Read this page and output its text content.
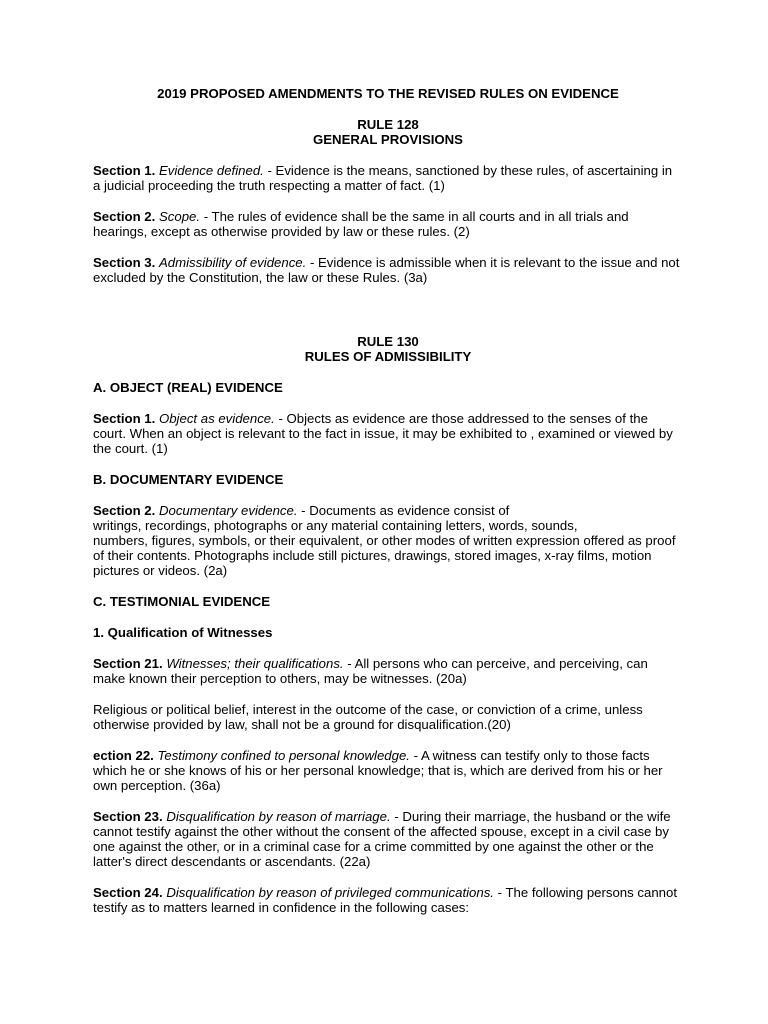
2019 PROPOSED AMENDMENTS TO THE REVISED RULES ON EVIDENCE
RULE 128
GENERAL PROVISIONS

Section 1. Evidence defined. - Evidence is the means, sanctioned by these rules, of ascertaining in a judicial proceeding the truth respecting a matter of fact. (1)

Section 2. Scope. - The rules of evidence shall be the same in all courts and in all trials and hearings, except as otherwise provided by law or these rules. (2)

Section 3. Admissibility of evidence. - Evidence is admissible when it is relevant to the issue and not excluded by the Constitution, the law or these Rules. (3a)

RULE 130
RULES OF ADMISSIBILITY
A. OBJECT (REAL) EVIDENCE

Section 1. Object as evidence. - Objects as evidence are those addressed to the senses of the court. When an object is relevant to the fact in issue, it may be exhibited to , examined or viewed by the court. (1)

B. DOCUMENTARY EVIDENCE

Section 2. Documentary evidence. - Documents as evidence consist of
writings, recordings, photographs or any material containing letters, words, sounds,
numbers, figures, symbols, or their equivalent, or other modes of written expression offered as proof of their contents. Photographs include still pictures, drawings, stored images, x-ray films, motion pictures or videos. (2a)

C. TESTIMONIAL EVIDENCE
1. Qualification of Witnesses

Section 21. Witnesses; their qualifications. - All persons who can perceive, and perceiving, can make known their perception to others, may be witnesses. (20a)

Religious or political belief, interest in the outcome of the case, or conviction of a crime, unless otherwise provided by law, shall not be a ground for disqualification.(20)

ection 22. Testimony confined to personal knowledge. - A witness can testify only to those facts which he or she knows of his or her personal knowledge; that is, which are derived from his or her own perception. (36a)

Section 23. Disqualification by reason of marriage. - During their marriage, the husband or the wife cannot testify against the other without the consent of the affected spouse, except in a civil case by one against the other, or in a criminal case for a crime committed by one against the other or the latter's direct descendants or ascendants. (22a)

Section 24. Disqualification by reason of privileged communications. - The following persons cannot testify as to matters learned in confidence in the following cases:
